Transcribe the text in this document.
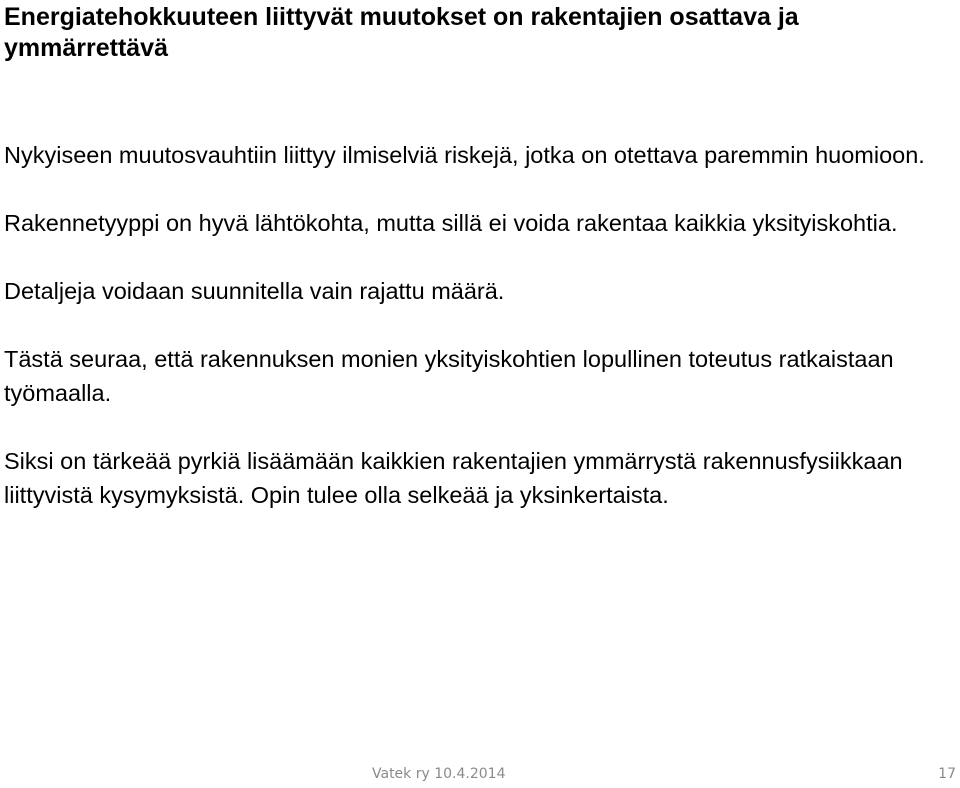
Energiatehokkuuteen liittyvät muutokset on rakentajien osattava ja ymmärrettävä

Nykyiseen muutosvauhtiin liittyy ilmiselviä riskejä, jotka on otettava paremmin huomioon.

Rakennetyyppi on hyvä lähtökohta, mutta sillä ei voida rakentaa kaikkia yksityiskohtia.

Detaljeja voidaan suunnitella vain rajattu määrä.

Tästä seuraa, että rakennuksen monien yksityiskohtien lopullinen toteutus ratkaistaan työmaalla.

Siksi on tärkeää pyrkiä lisäämään kaikkien rakentajien ymmärrystä rakennusfysiikkaan liittyvistä kysymyksistä. Opin tulee olla selkeää ja yksinkertaista.

Vatek ry 10.4.2014	17
